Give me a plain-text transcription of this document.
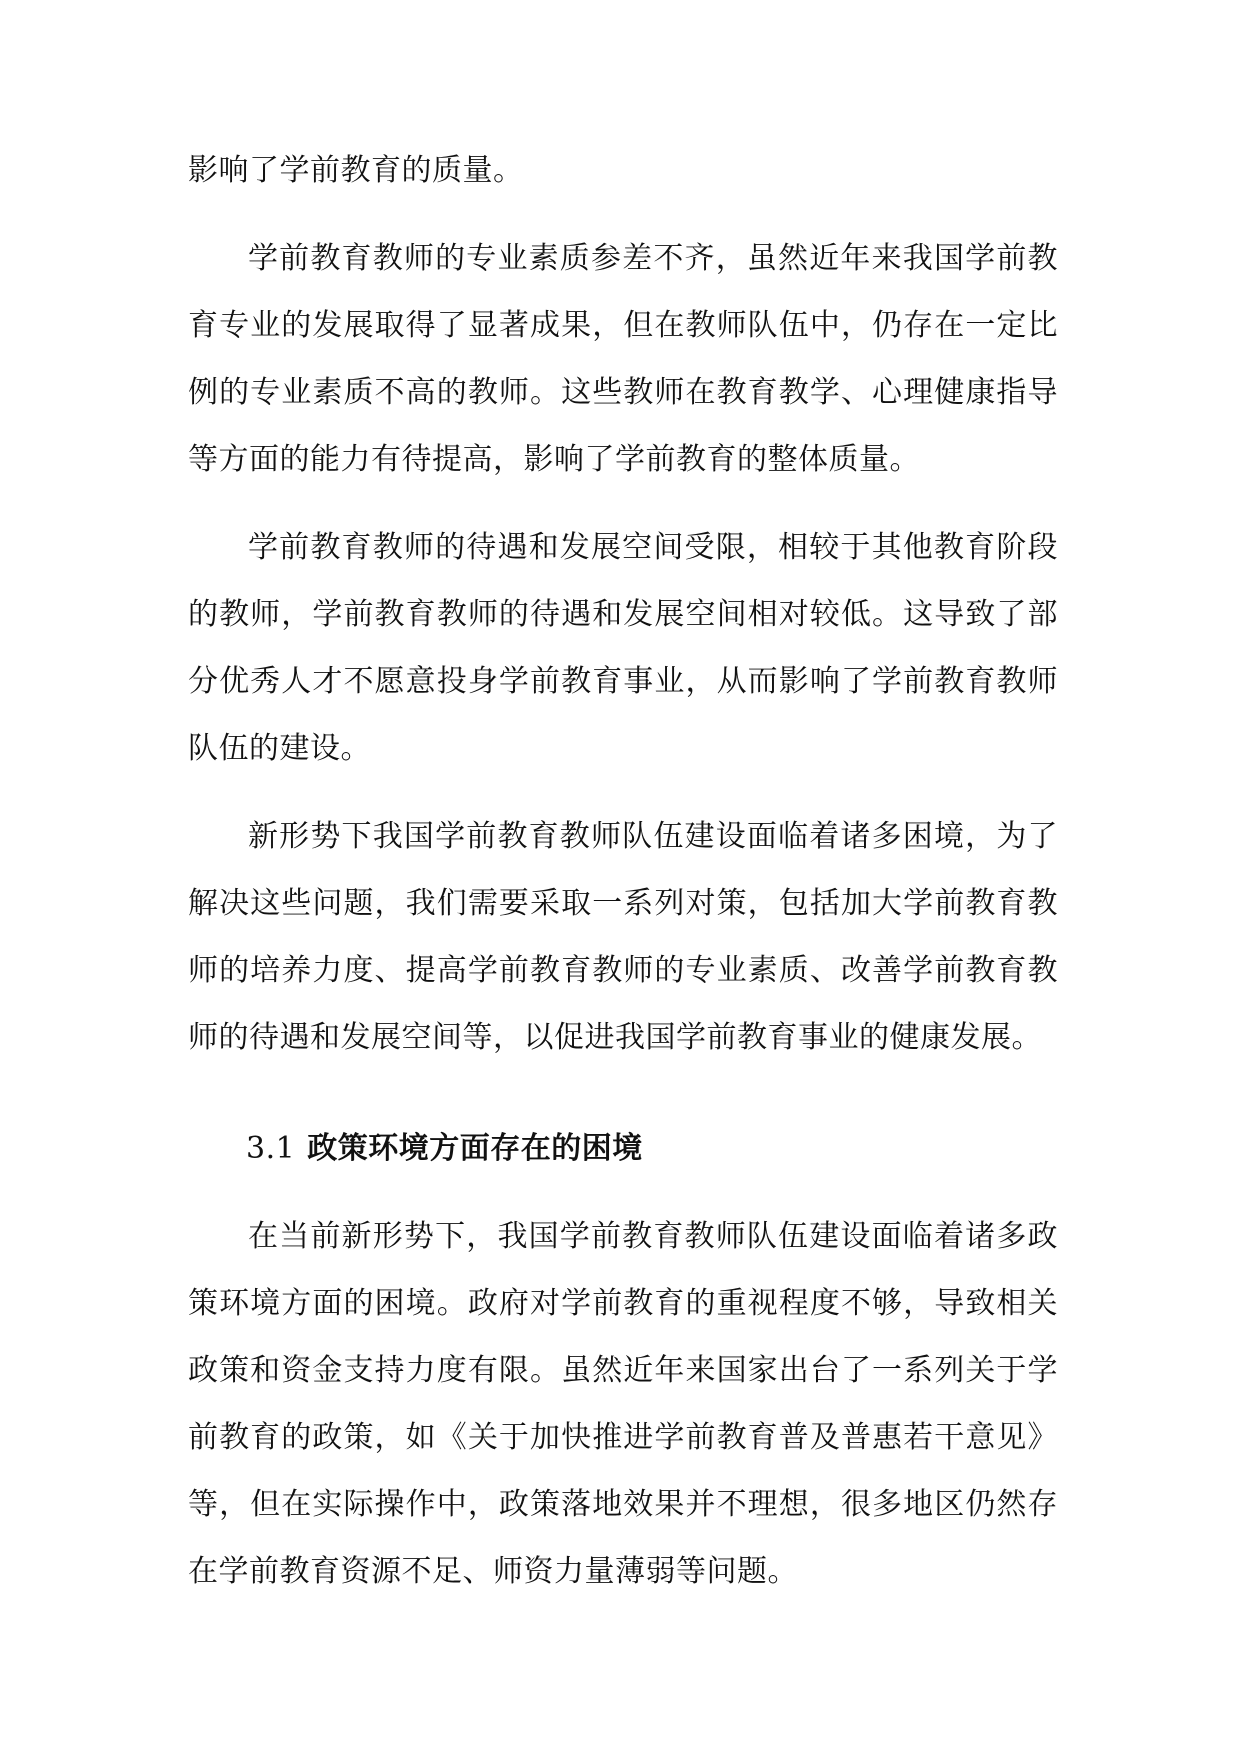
影响了学前教育的质量。

学前教育教师的专业素质参差不齐，虽然近年来我国学前教育专业的发展取得了显著成果，但在教师队伍中，仍存在一定比例的专业素质不高的教师。这些教师在教育教学、心理健康指导等方面的能力有待提高，影响了学前教育的整体质量。

学前教育教师的待遇和发展空间受限，相较于其他教育阶段的教师，学前教育教师的待遇和发展空间相对较低。这导致了部分优秀人才不愿意投身学前教育事业，从而影响了学前教育教师队伍的建设。

新形势下我国学前教育教师队伍建设面临着诸多困境，为了解决这些问题，我们需要采取一系列对策，包括加大学前教育教师的培养力度、提高学前教育教师的专业素质、改善学前教育教师的待遇和发展空间等，以促进我国学前教育事业的健康发展。

3.1 政策环境方面存在的困境

在当前新形势下，我国学前教育教师队伍建设面临着诸多政策环境方面的困境。政府对学前教育的重视程度不够，导致相关政策和资金支持力度有限。虽然近年来国家出台了一系列关于学前教育的政策，如《关于加快推进学前教育普及普惠若干意见》等，但在实际操作中，政策落地效果并不理想，很多地区仍然存在学前教育资源不足、师资力量薄弱等问题。
